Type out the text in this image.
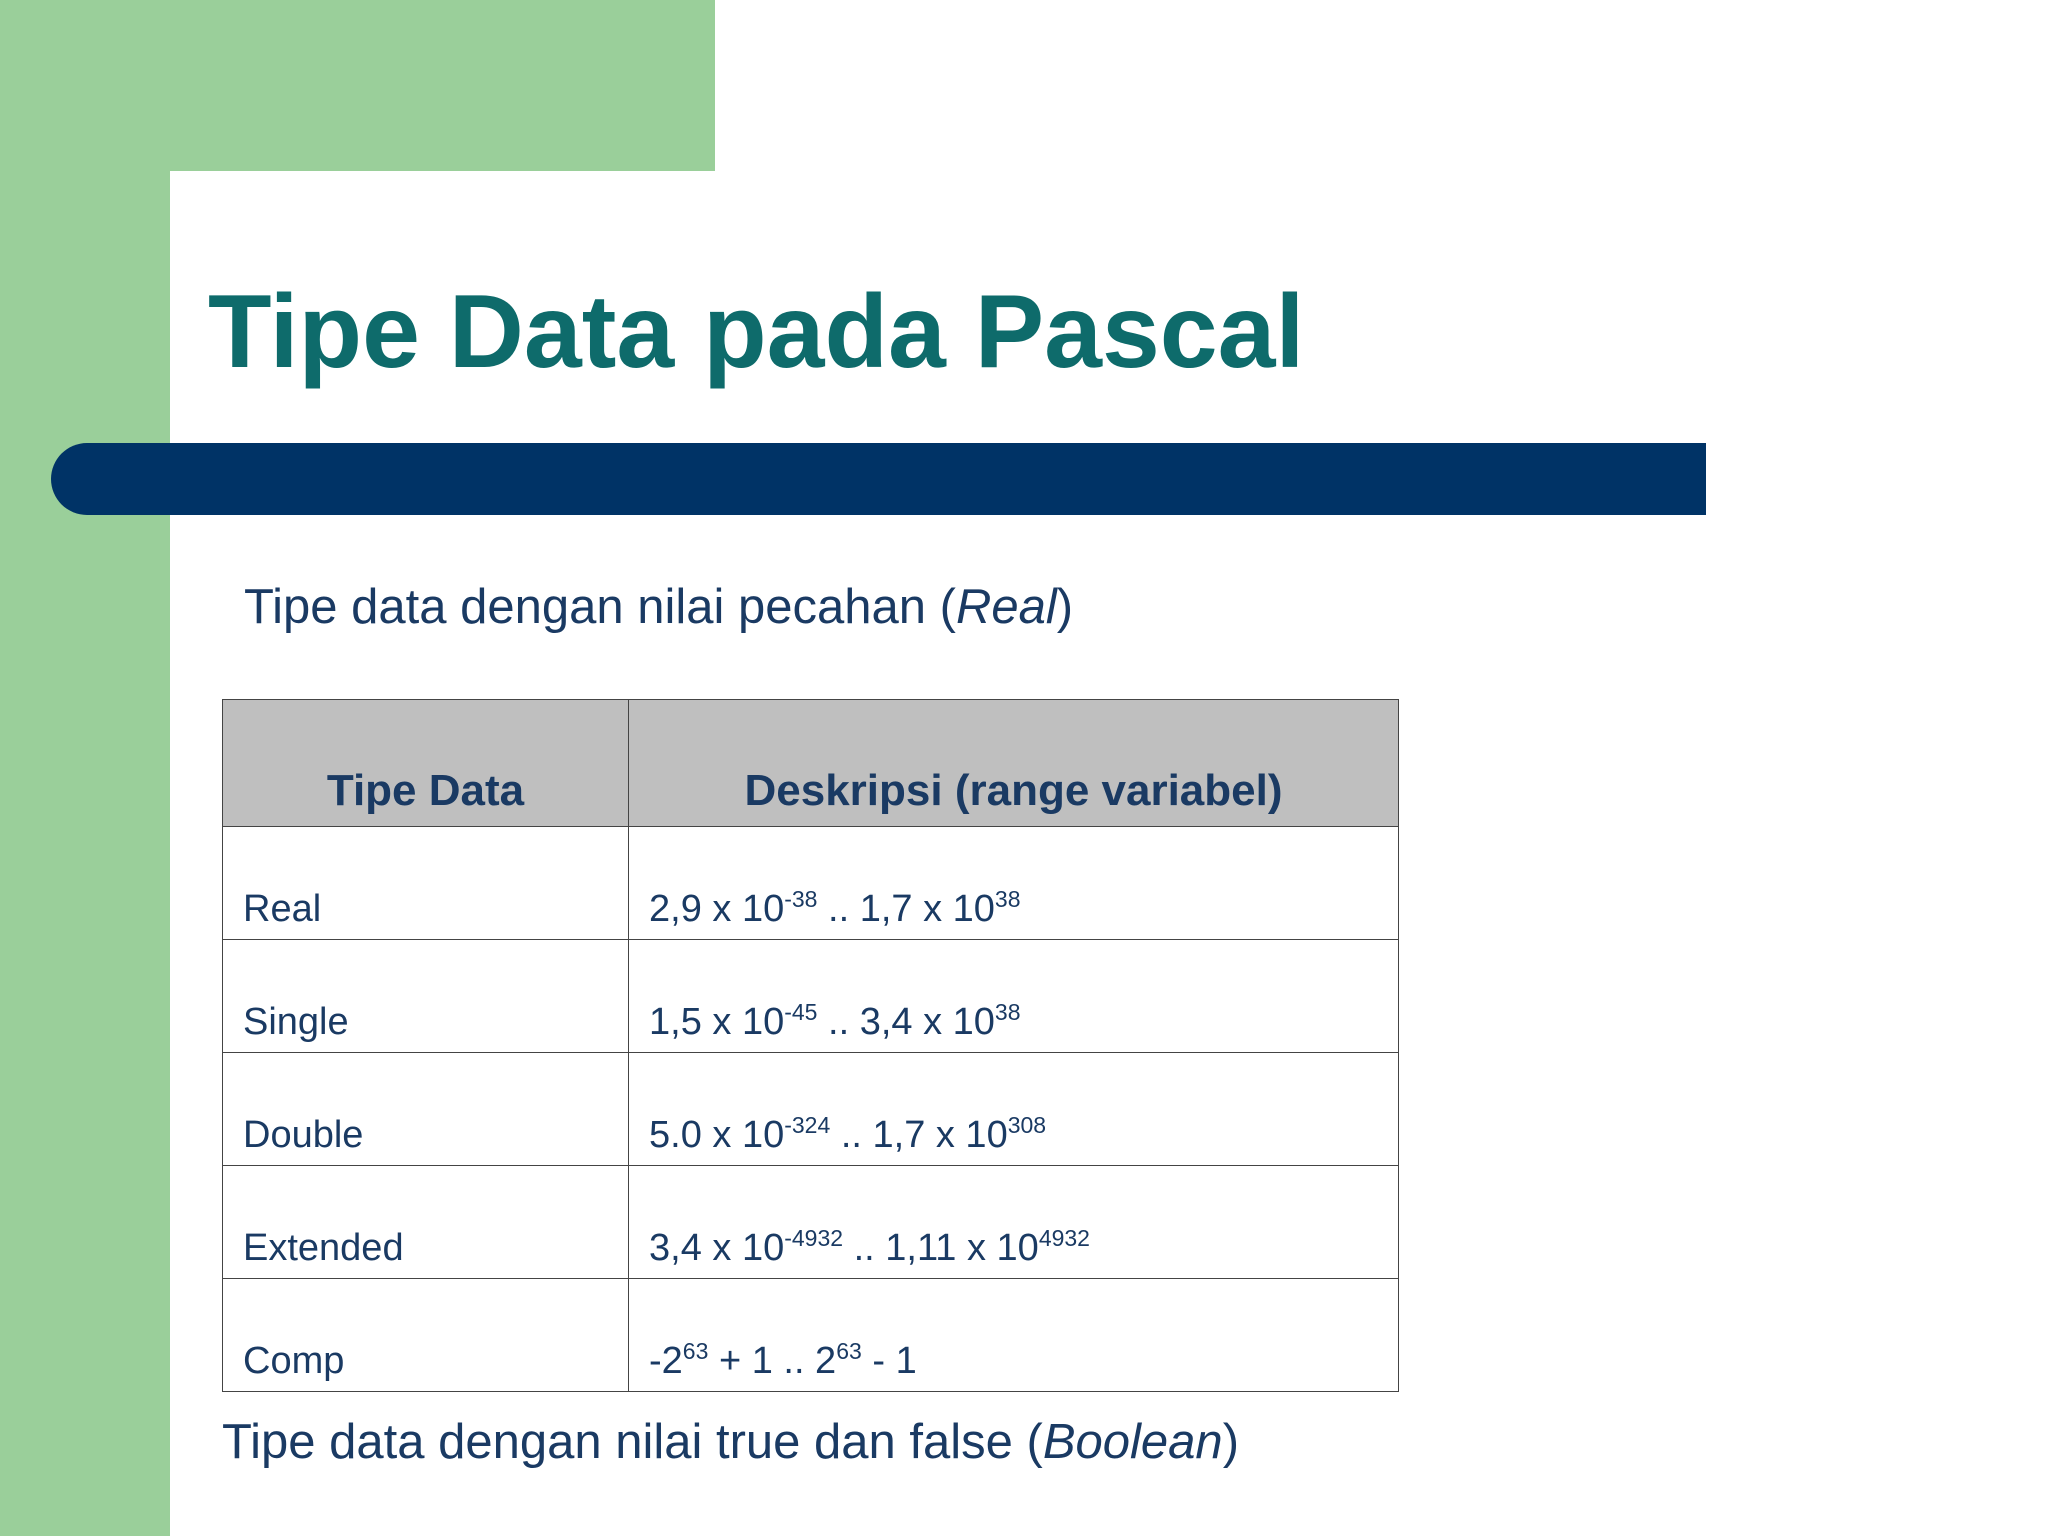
Tipe Data pada Pascal
Tipe data dengan nilai pecahan (Real)
Tipe Data	Deskripsi (range variabel)
Real	2,9 x $10^{-38}$ .. 1,7 x $10^{38}$
Single	1,5 x $10^{-45}$ .. 3,4 x $10^{38}$
Double	5.0 x $10^{-324}$ .. 1,7 x $10^{308}$
Extended	3,4 x $10^{-4932}$ .. 1,11 x $10^{4932}$
Comp	$-2^{63} + 1$ .. $2^{63} - 1$
Tipe data dengan nilai true dan false (Boolean)
